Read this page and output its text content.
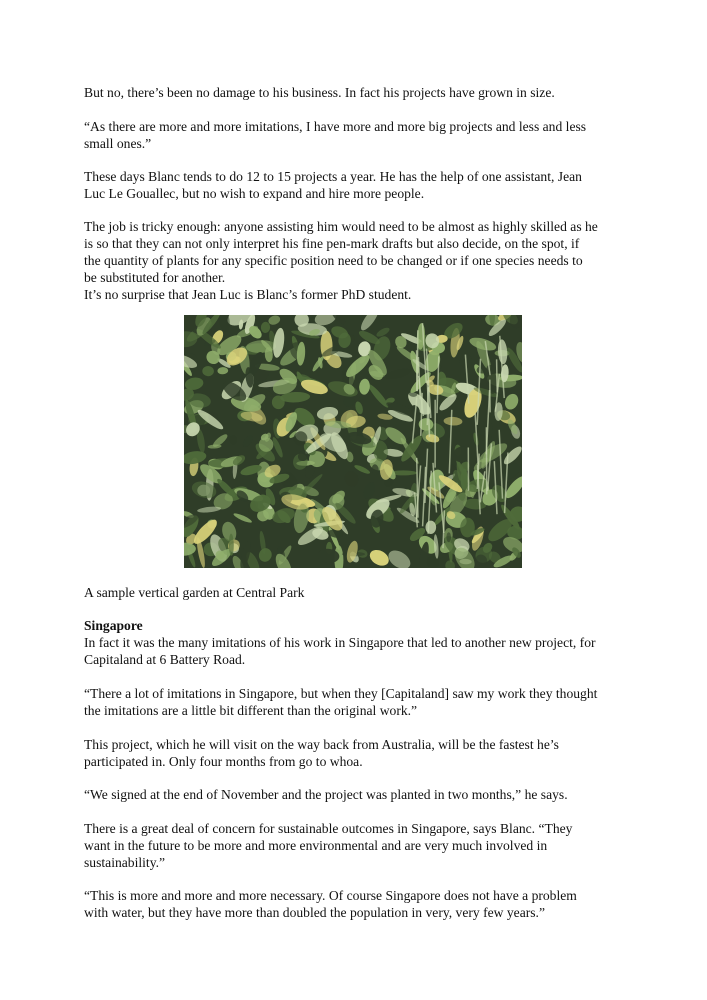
But no, there’s been no damage to his business. In fact his projects have grown in size.
“As there are more and more imitations, I have more and more big projects and less and less
small ones.”
These days Blanc tends to do 12 to 15 projects a year. He has the help of one assistant, Jean
Luc Le Gouallec, but no wish to expand and hire more people.
The job is tricky enough: anyone assisting him would need to be almost as highly skilled as he
is so that they can not only interpret his fine pen-mark drafts but also decide, on the spot, if
the quantity of plants for any specific position need to be changed or if one species needs to
be substituted for another.
It’s no surprise that Jean Luc is Blanc’s former PhD student.
A sample vertical garden at Central Park
Singapore
In fact it was the many imitations of his work in Singapore that led to another new project, for
Capitaland at 6 Battery Road.
“There a lot of imitations in Singapore, but when they [Capitaland] saw my work they thought
the imitations are a little bit different than the original work.”
This project, which he will visit on the way back from Australia, will be the fastest he’s
participated in. Only four months from go to whoa.
“We signed at the end of November and the project was planted in two months,” he says.
There is a great deal of concern for sustainable outcomes in Singapore, says Blanc. “They
want in the future to be more and more environmental and are very much involved in
sustainability.”
“This is more and more and more necessary. Of course Singapore does not have a problem
with water, but they have more than doubled the population in very, very few years.”
